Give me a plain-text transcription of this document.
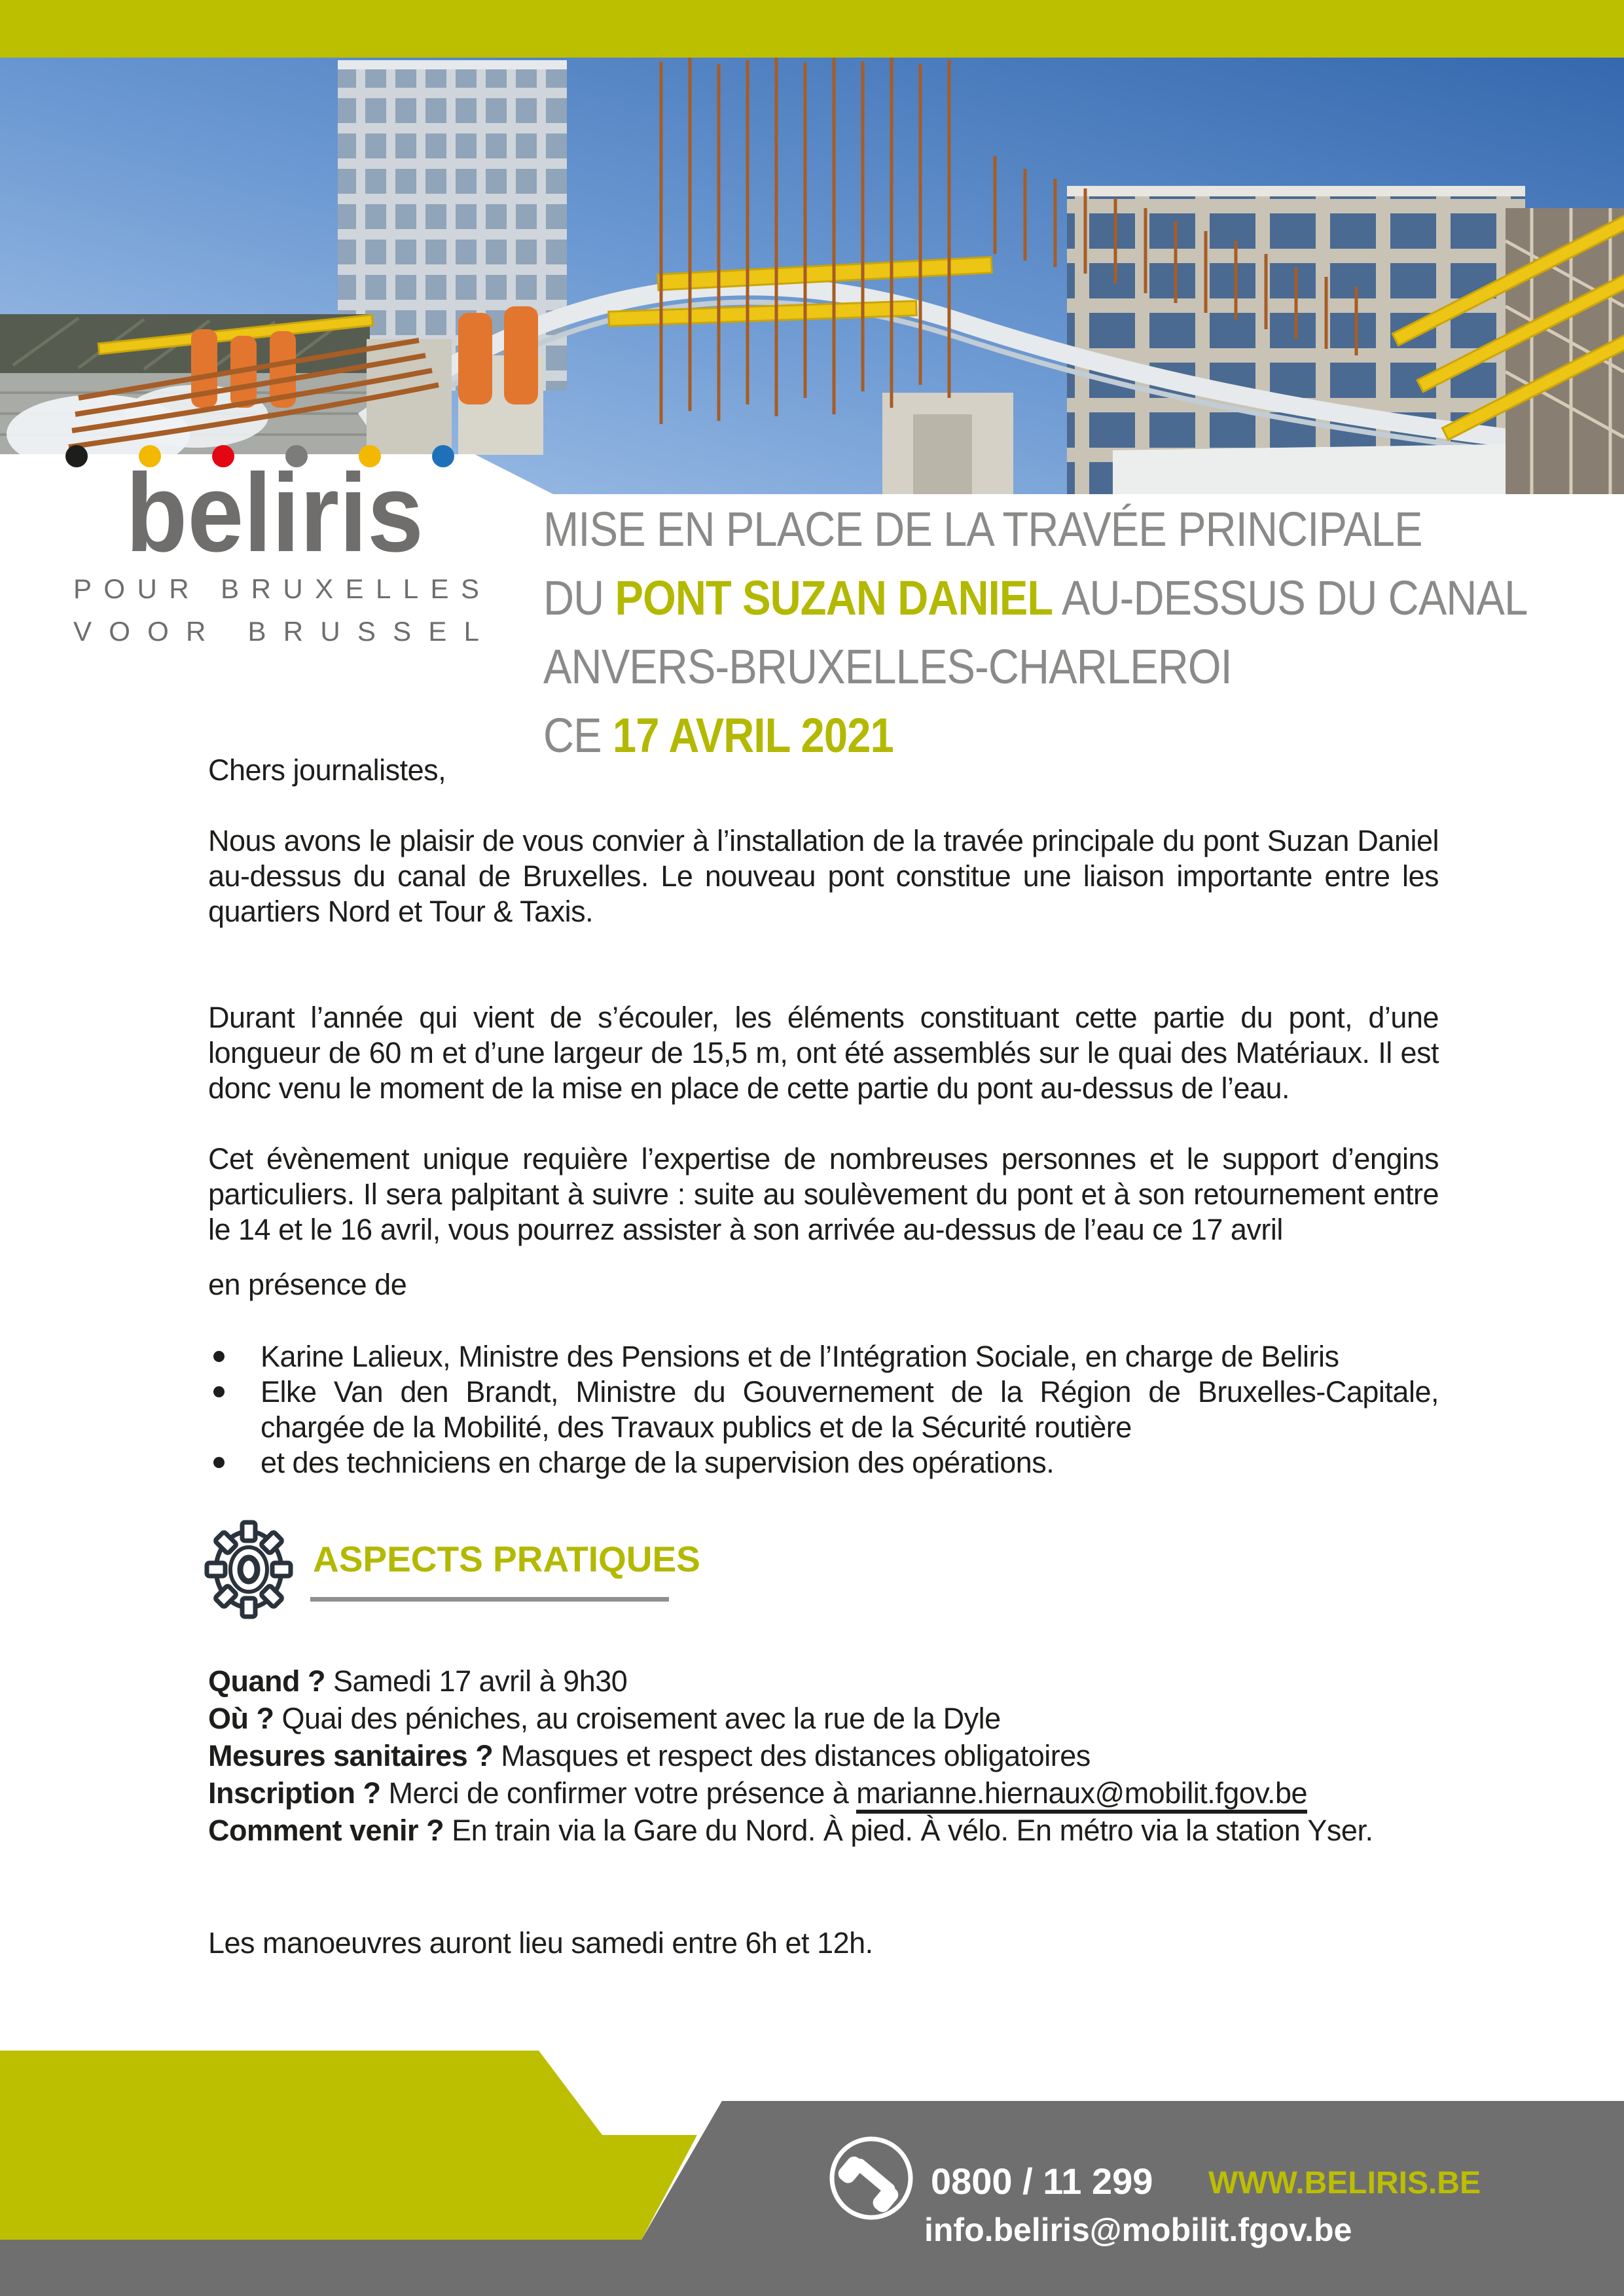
beliris
POUR BRUXELLES
VOOR BRUSSEL
MISE EN PLACE DE LA TRAVÉE PRINCIPALE
DU PONT SUZAN DANIEL AU-DESSUS DU CANAL
ANVERS-BRUXELLES-CHARLEROI
CE 17 AVRIL 2021
Chers journalistes,
Nous avons le plaisir de vous convier à l’installation de la travée principale du pont Suzan Daniel au-dessus du canal de Bruxelles. Le nouveau pont constitue une liaison importante entre les quartiers Nord et Tour & Taxis.
Durant l’année qui vient de s’écouler, les éléments constituant cette partie du pont, d’une longueur de 60 m et d’une largeur de 15,5 m, ont été assemblés sur le quai des Matériaux. Il est donc venu le moment de la mise en place de cette partie du pont au-dessus de l’eau.
Cet évènement unique requière l’expertise de nombreuses personnes et le support d’engins particuliers. Il sera palpitant à suivre : suite au soulèvement du pont et à son retournement entre le 14 et le 16 avril, vous pourrez assister à son arrivée au-dessus de l’eau ce 17 avril
en présence de
Karine Lalieux, Ministre des Pensions et de l’Intégration Sociale, en charge de Beliris
Elke Van den Brandt, Ministre du Gouvernement de la Région de Bruxelles-Capitale, chargée de la Mobilité, des Travaux publics et de la Sécurité routière
et des techniciens en charge de la supervision des opérations.
ASPECTS PRATIQUES
Quand ? Samedi 17 avril à 9h30
Où ? Quai des péniches, au croisement avec la rue de la Dyle
Mesures sanitaires ? Masques et respect des distances obligatoires
Inscription ? Merci de confirmer votre présence à marianne.hiernaux@mobilit.fgov.be
Comment venir ? En train via la Gare du Nord. À pied. À vélo. En métro via la station Yser.
Les manoeuvres auront lieu samedi entre 6h et 12h.
0800 / 11 299 WWW.BELIRIS.BE
info.beliris@mobilit.fgov.be
